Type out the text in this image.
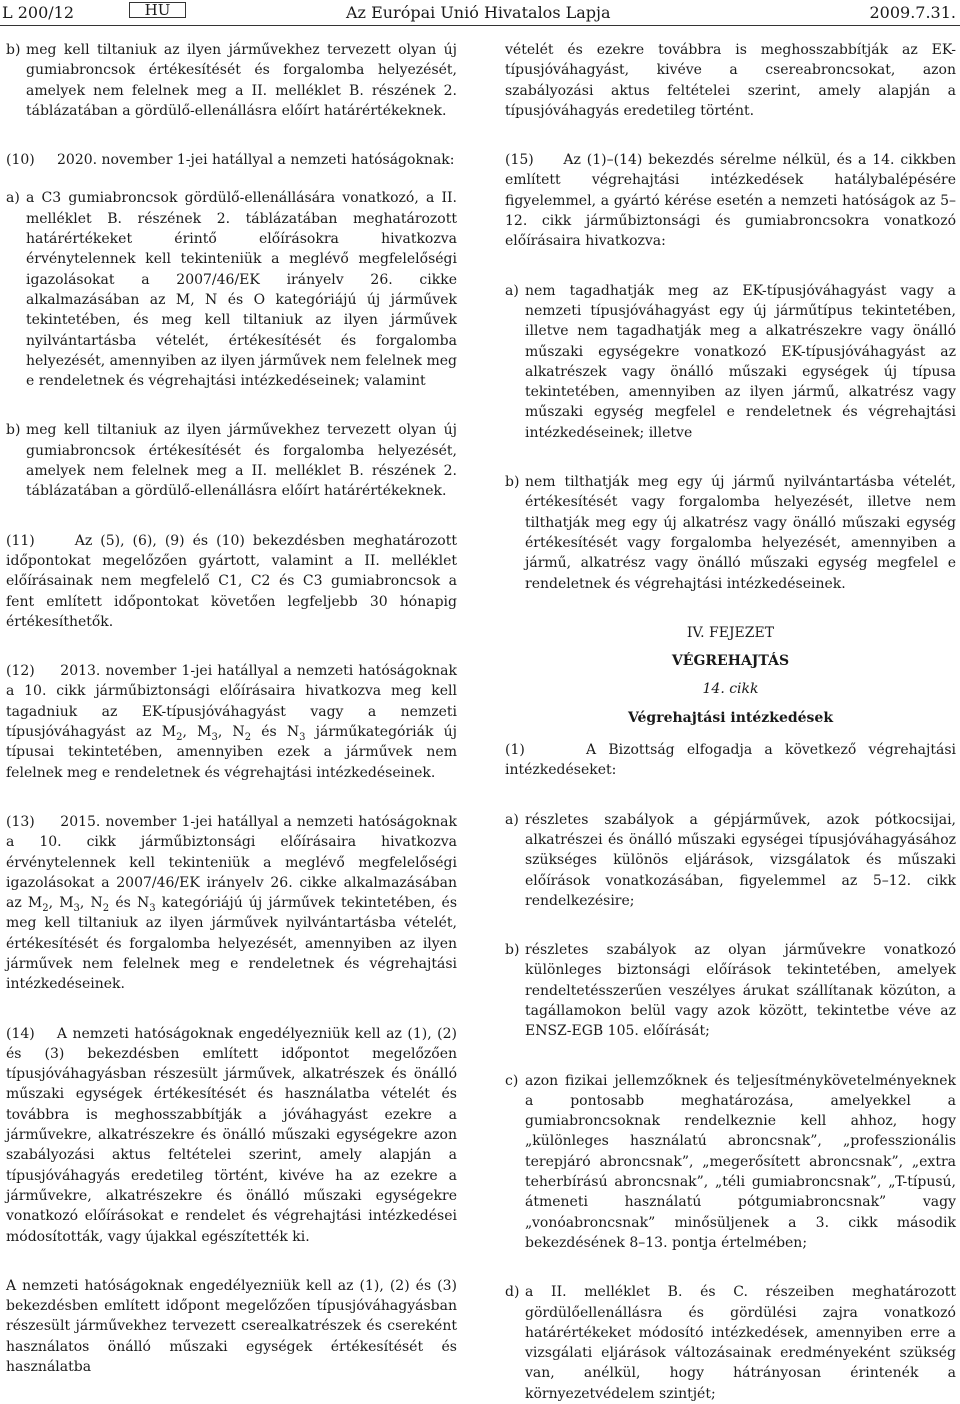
L 200/12	HU	Az Európai Unió Hivatalos Lapja	2009.7.31.

b) meg kell tiltaniuk az ilyen járművekhez tervezett olyan új gumiabroncsok értékesítését és forgalomba helyezését, amelyek nem felelnek meg a II. melléklet B. részének 2. táblázatában a gördülő-ellenállásra előírt határértékeknek.

(10) 2020. november 1-jei hatállyal a nemzeti hatóságoknak:

a) a C3 gumiabroncsok gördülő-ellenállására vonatkozó, a II. melléklet B. részének 2. táblázatában meghatározott határértékeket érintő előírásokra hivatkozva érvénytelennek kell tekinteniük a meglévő megfelelőségi igazolásokat a 2007/46/EK irányelv 26. cikke alkalmazásában az M, N és O kategóriájú új járművek tekintetében, és meg kell tiltaniuk az ilyen járművek nyilvántartásba vételét, értékesítését és forgalomba helyezését, amennyiben az ilyen járművek nem felelnek meg e rendeletnek és végrehajtási intézkedéseinek; valamint

b) meg kell tiltaniuk az ilyen járművekhez tervezett olyan új gumiabroncsok értékesítését és forgalomba helyezését, amelyek nem felelnek meg a II. melléklet B. részének 2. táblázatában a gördülő-ellenállásra előírt határértékeknek.

(11)	Az (5), (6), (9) és (10) bekezdésben meghatározott időpontokat megelőzően gyártott, valamint a II. melléklet előírásainak nem megfelelő C1, C2 és C3 gumiabroncsok a fent említett időpontokat követően legfeljebb 30 hónapig értékesíthetők.

(12) 2013. november 1-jei hatállyal a nemzeti hatóságoknak a 10. cikk járműbiztonsági előírásaira hivatkozva meg kell tagadniuk az EK-típusjóváhagyást vagy a nemzeti típusjóváhagyást az $M_2$, $M_3$, $N_2$ és $N_3$ járműkategóriák új típusai tekintetében, amennyiben ezek a járművek nem felelnek meg e rendeletnek és végrehajtási intézkedéseinek.

(13) 2015. november 1-jei hatállyal a nemzeti hatóságoknak a 10. cikk járműbiztonsági előírásaira hivatkozva érvénytelennek kell tekinteniük a meglévő megfelelőségi igazolásokat a 2007/46/EK irányelv 26. cikke alkalmazásában az $M_2$, $M_3$, $N_2$ és $N_3$ kategóriájú új járművek tekintetében, és meg kell tiltaniuk az ilyen járművek nyilvántartásba vételét, értékesítését és forgalomba helyezését, amennyiben az ilyen járművek nem felelnek meg e rendeletnek és végrehajtási intézkedéseinek.

(14) A nemzeti hatóságoknak engedélyezniük kell az (1), (2) és (3) bekezdésben említett időpontot megelőzően típusjóváhagyásban részesült járművek, alkatrészek és önálló műszaki egységek értékesítését és használatba vételét és továbbra is meghosszabbítják a jóváhagyást ezekre a járművekre, alkatrészekre és önálló műszaki egységekre azon szabályozási aktus feltételei szerint, amely alapján a típusjóváhagyás eredetileg történt, kivéve ha az ezekre a járművekre, alkatrészekre és önálló műszaki egységekre vonatkozó előírásokat e rendelet és végrehajtási intézkedései módosították, vagy újakkal egészítették ki.

A nemzeti hatóságoknak engedélyezniük kell az (1), (2) és (3) bekezdésben említett időpont megelőzően típusjóváhagyásban részesült járművekhez tervezett cserealkatrészek és csereként használatos önálló műszaki egységek értékesítését és használatba

vételét és ezekre továbbra is meghosszabbítják az EK-típusjóváhagyást, kivéve a csereabroncsokat, azon szabályozási aktus feltételei szerint, amely alapján a típusjóváhagyás eredetileg történt.

(15) Az (1)–(14) bekezdés sérelme nélkül, és a 14. cikkben említett végrehajtási intézkedések hatálybalépésére figyelemmel, a gyártó kérése esetén a nemzeti hatóságok az 5–12. cikk járműbiztonsági és gumiabroncsokra vonatkozó előírásaira hivatkozva:

a) nem tagadhatják meg az EK-típusjóváhagyást vagy a nemzeti típusjóváhagyást egy új járműtípus tekintetében, illetve nem tagadhatják meg a alkatrészekre vagy önálló műszaki egységekre vonatkozó EK-típusjóváhagyást az alkatrészek vagy önálló műszaki egységek új típusa tekintetében, amennyiben az ilyen jármű, alkatrész vagy műszaki egység megfelel e rendeletnek és végrehajtási intézkedéseinek; illetve

b) nem tilthatják meg egy új jármű nyilvántartásba vételét, értékesítését vagy forgalomba helyezését, illetve nem tilthatják meg egy új alkatrész vagy önálló műszaki egység értékesítését vagy forgalomba helyezését, amennyiben a jármű, alkatrész vagy önálló műszaki egység megfelel e rendeletnek és végrehajtási intézkedéseinek.

IV. FEJEZET

VÉGREHAJTÁS

14. cikk

Végrehajtási intézkedések

(1)	A Bizottság elfogadja a következő végrehajtási intézkedéseket:

a) részletes szabályok a gépjárművek, azok pótkocsijai, alkatrészei és önálló műszaki egységei típusjóváhagyásához szükséges különös eljárások, vizsgálatok és műszaki előírások vonatkozásában, figyelemmel az 5–12. cikk rendelkezésire;

b) részletes szabályok az olyan járművekre vonatkozó különleges biztonsági előírások tekintetében, amelyek rendeltetésszerűen veszélyes árukat szállítanak közúton, a tagállamokon belül vagy azok között, tekintetbe véve az ENSZ-EGB 105. előírását;

c) azon fizikai jellemzőknek és teljesítménykövetelményeknek a pontosabb meghatározása, amelyekkel a gumiabroncsoknak rendelkeznie kell ahhoz, hogy „különleges használatú abroncsnak”, „professzionális terepjáró abroncsnak”, „megerősített abroncsnak”, „extra teherbírású abroncsnak”, „téli gumiabroncsnak”, „T-típusú, átmeneti használatú pótgumiabroncsnak” vagy „vonóabroncsnak” minősüljenek a 3. cikk második bekezdésének 8–13. pontja értelmében;

d) a II. melléklet B. és C. részeiben meghatározott gördülőellenállásra és gördülési zajra vonatkozó határértékeket módosító intézkedések, amennyiben erre a vizsgálati eljárások változásainak eredményeként szükség van, anélkül, hogy hátrányosan érintenék a környezetvédelem szintjét;
